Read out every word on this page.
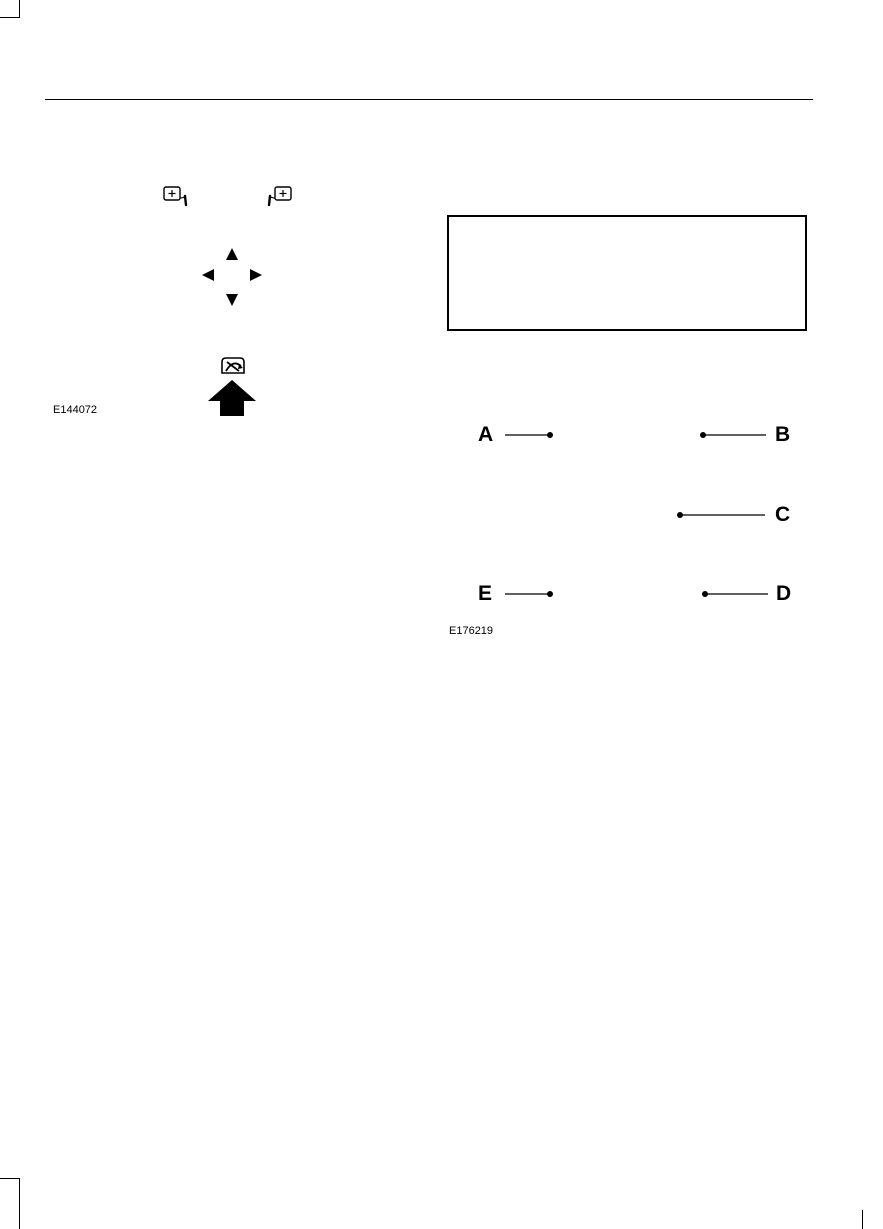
E144072
A	B
C
E	D
E176219
